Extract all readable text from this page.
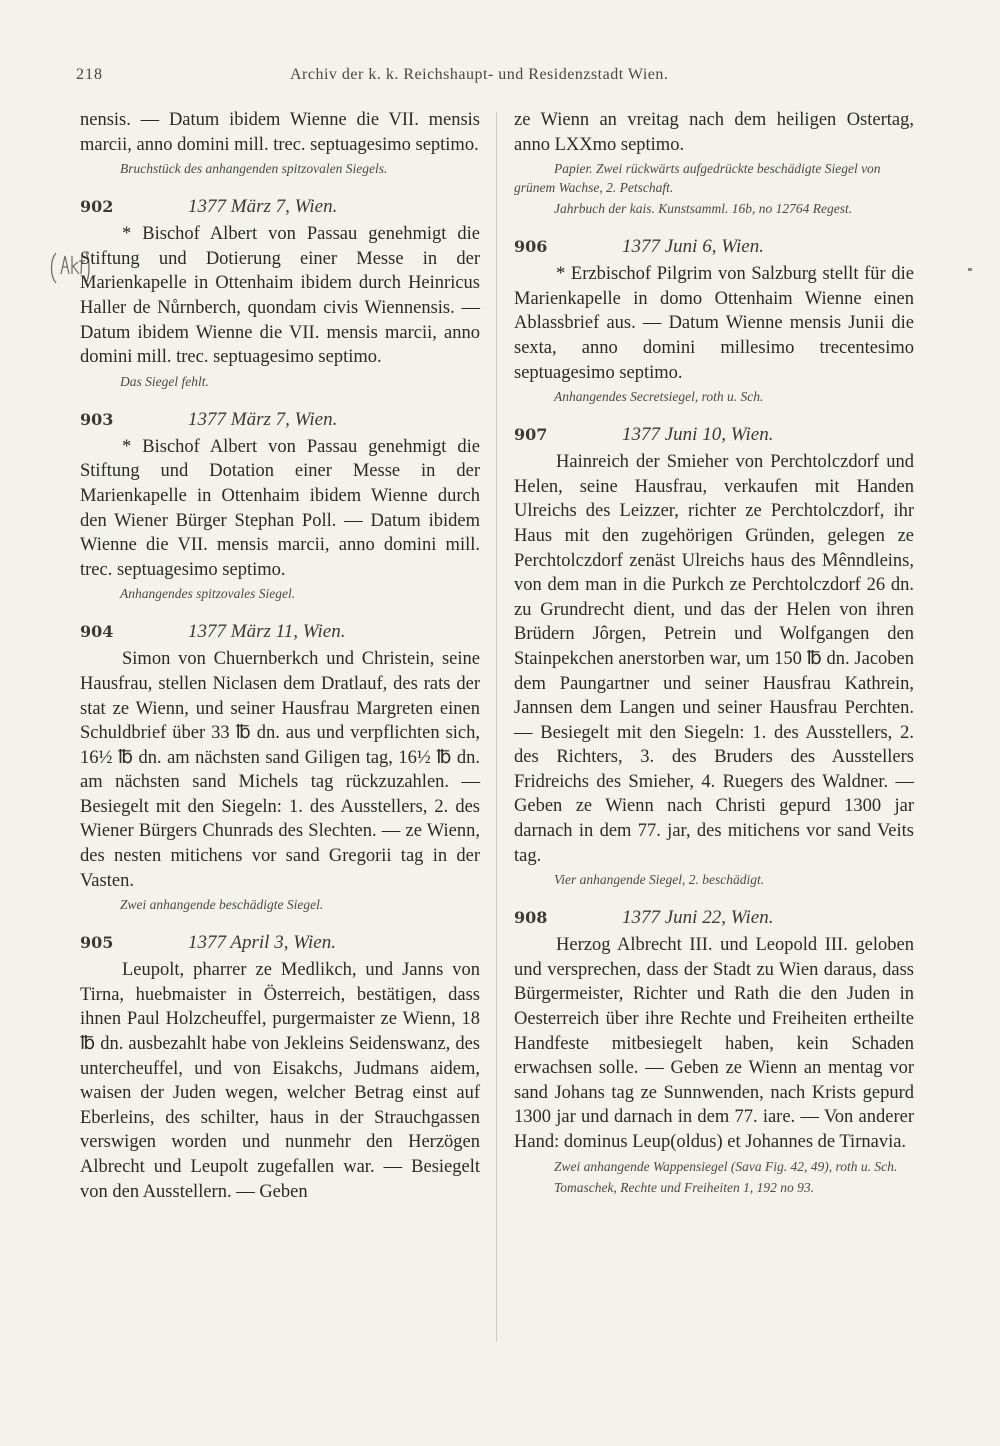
218	Archiv der k. k. Reichshaupt- und Residenzstadt Wien.

nensis. — Datum ibidem Wienne die VII. mensis marcii, anno domini mill. trec. septuagesimo septimo.

Bruchstück des anhangenden spitzovalen Siegels.

902	1377 März 7, Wien.

* Bischof Albert von Passau genehmigt die Stiftung und Dotierung einer Messe in der Marienkapelle in Ottenhaim ibidem durch Heinricus Haller de Nůrnberch, quondam civis Wiennensis. — Datum ibidem Wienne die VII. mensis marcii, anno domini mill. trec. septuagesimo septimo.

Das Siegel fehlt.

903	1377 März 7, Wien.

* Bischof Albert von Passau genehmigt die Stiftung und Dotation einer Messe in der Marienkapelle in Ottenhaim ibidem Wienne durch den Wiener Bürger Stephan Poll. — Datum ibidem Wienne die VII. mensis marcii, anno domini mill. trec. septuagesimo septimo.

Anhangendes spitzovales Siegel.

904	1377 März 11, Wien.

Simon von Chuernberkch und Christein, seine Hausfrau, stellen Niclasen dem Dratlauf, des rats der stat ze Wienn, und seiner Hausfrau Margreten einen Schuldbrief über 33 ℔ dn. aus und verpflichten sich, 16½ ℔ dn. am nächsten sand Giligen tag, 16½ ℔ dn. am nächsten sand Michels tag rückzuzahlen. — Besiegelt mit den Siegeln: 1. des Ausstellers, 2. des Wiener Bürgers Chunrads des Slechten. — ze Wienn, des nesten mitichens vor sand Gregorii tag in der Vasten.

Zwei anhangende beschädigte Siegel.

905	1377 April 3, Wien.

Leupolt, pharrer ze Medlikch, und Janns von Tirna, huebmaister in Österreich, bestätigen, dass ihnen Paul Holzcheuffel, purgermaister ze Wienn, 18 ℔ dn. ausbezahlt habe von Jekleins Seidenswanz, des untercheuffel, und von Eisakchs, Judmans aidem, waisen der Juden wegen, welcher Betrag einst auf Eberleins, des schilter, haus in der Strauchgassen verswigen worden und nunmehr den Herzögen Albrecht und Leupolt zugefallen war. — Besiegelt von den Ausstellern. — Geben

ze Wienn an vreitag nach dem heiligen Ostertag, anno LXXmo septimo.

Papier. Zwei rückwärts aufgedrückte beschädigte Siegel von grünem Wachse, 2. Petschaft.

Jahrbuch der kais. Kunstsamml. 16b, no 12764 Regest.

906	1377 Juni 6, Wien.

* Erzbischof Pilgrim von Salzburg stellt für die Marienkapelle in domo Ottenhaim Wienne einen Ablassbrief aus. — Datum Wienne mensis Junii die sexta, anno domini millesimo trecentesimo septuagesimo septimo.

Anhangendes Secretsiegel, roth u. Sch.

907	1377 Juni 10, Wien.

Hainreich der Smieher von Perchtolczdorf und Helen, seine Hausfrau, verkaufen mit Handen Ulreichs des Leizzer, richter ze Perchtolczdorf, ihr Haus mit den zugehörigen Gründen, gelegen ze Perchtolczdorf zenäst Ulreichs haus des Mênndleins, von dem man in die Purkch ze Perchtolczdorf 26 dn. zu Grundrecht dient, und das der Helen von ihren Brüdern Jôrgen, Petrein und Wolfgangen den Stainpekchen anerstorben war, um 150 ℔ dn. Jacoben dem Paungartner und seiner Hausfrau Kathrein, Jannsen dem Langen und seiner Hausfrau Perchten. — Besiegelt mit den Siegeln: 1. des Ausstellers, 2. des Richters, 3. des Bruders des Ausstellers Fridreichs des Smieher, 4. Ruegers des Waldner. — Geben ze Wienn nach Christi gepurd 1300 jar darnach in dem 77. jar, des mitichens vor sand Veits tag.

Vier anhangende Siegel, 2. beschädigt.

908	1377 Juni 22, Wien.

Herzog Albrecht III. und Leopold III. geloben und versprechen, dass der Stadt zu Wien daraus, dass Bürgermeister, Richter und Rath die den Juden in Oesterreich über ihre Rechte und Freiheiten ertheilte Handfeste mitbesiegelt haben, kein Schaden erwachsen solle. — Geben ze Wienn an mentag vor sand Johans tag ze Sunnwenden, nach Krists gepurd 1300 jar und darnach in dem 77. iare. — Von anderer Hand: dominus Leup(oldus) et Johannes de Tirnavia.

Zwei anhangende Wappensiegel (Sava Fig. 42, 49), roth u. Sch.

Tomaschek, Rechte und Freiheiten 1, 192 no 93.
